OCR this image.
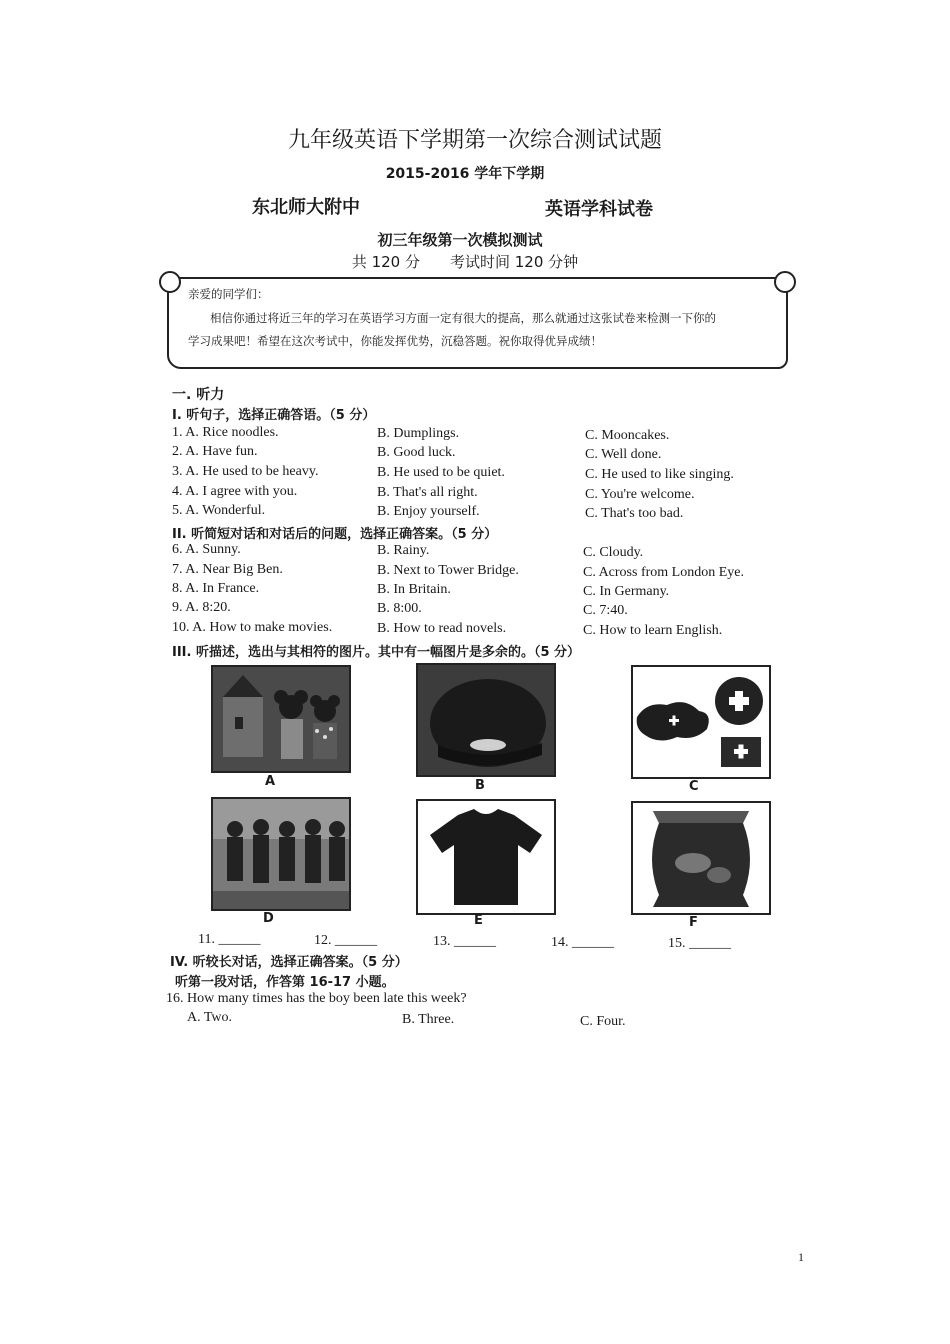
九年级英语下学期第一次综合测试试题
2015-2016 学年下学期
东北师大附中	英语学科试卷
初三年级第一次模拟测试
共 120 分　　考试时间 120 分钟
亲爱的同学们：
相信你通过将近三年的学习在英语学习方面一定有很大的提高，那么就通过这张试卷来检测一下你的
学习成果吧！希望在这次考试中，你能发挥优势，沉稳答题。祝你取得优异成绩！
一. 听力
I. 听句子，选择正确答语。（5 分）
1. A. Rice noodles.	B. Dumplings.	C. Mooncakes.
2. A. Have fun.	B. Good luck.	C. Well done.
3. A. He used to be heavy.	B. He used to be quiet.	C. He used to like singing.
4. A. I agree with you.	B. That's all right.	C. You're welcome.
5. A. Wonderful.	B. Enjoy yourself.	C. That's too bad.
II. 听简短对话和对话后的问题，选择正确答案。（5 分）
6. A. Sunny.	B. Rainy.	C. Cloudy.
7. A. Near Big Ben.	B. Next to Tower Bridge.	C. Across from London Eye.
8. A. In France.	B. In Britain.	C. In Germany.
9. A. 8:20.	B. 8:00.	C. 7:40.
10. A. How to make movies.	B. How to read novels.	C. How to learn English.
III. 听描述，选出与其相符的图片。其中有一幅图片是多余的。（5 分）
A	B	C
D	E	F
11. ______	12. ______	13. ______	14. ______	15. ______
IV. 听较长对话，选择正确答案。（5 分）
听第一段对话，作答第 16-17 小题。
16. How many times has the boy been late this week?
A. Two.	B. Three.	C. Four.
1
